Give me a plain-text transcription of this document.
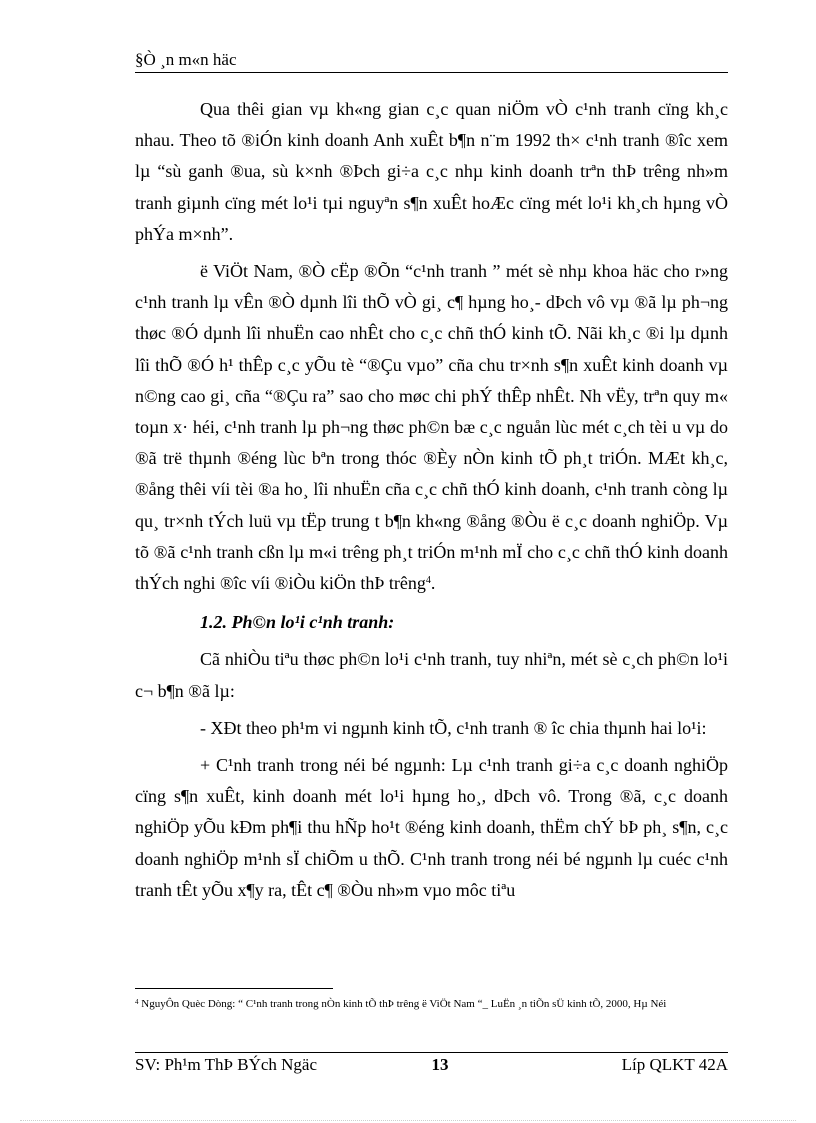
§Ò ¸n m«n häc

Qua thêi gian vµ kh«ng gian c¸c quan niÖm vÒ c¹nh tranh cïng kh¸c nhau. Theo tõ ®iÓn kinh doanh Anh xuÊt b¶n n¨m 1992 th× c¹nh tranh ®îc xem lµ “sù ganh ®ua, sù k×nh ®Þch gi÷a c¸c nhµ kinh doanh trªn thÞ trêng nh»m tranh giµnh cïng mét lo¹i tµi nguyªn s¶n xuÊt hoÆc cïng mét lo¹i kh¸ch hµng vÒ phÝa m×nh”.

ë ViÖt Nam, ®Ò cËp ®Õn “c¹nh tranh ” mét sè nhµ khoa häc cho r»ng c¹nh tranh lµ vÊn ®Ò dµnh lîi thÕ vÒ gi¸ c¶ hµng ho¸- dÞch vô vµ ®ã lµ ph¬ng thøc ®Ó dµnh lîi nhuËn cao nhÊt cho c¸c chñ thÓ kinh tÕ. Nãi kh¸c ®i lµ dµnh lîi thÕ ®Ó h¹ thÊp c¸c yÕu tè “®Çu vµo” cña chu tr×nh s¶n xuÊt kinh doanh vµ n©ng cao gi¸ cña “®Çu ra” sao cho møc chi phÝ thÊp nhÊt. Nh vËy, trªn quy m« toµn x· héi, c¹nh tranh lµ ph¬ng thøc ph©n bæ c¸c nguån lùc mét c¸ch tèi u vµ do ®ã trë thµnh ®éng lùc bªn trong thóc ®Èy nÒn kinh tÕ ph¸t triÓn. MÆt kh¸c, ®ång thêi víi tèi ®a ho¸ lîi nhuËn cña c¸c chñ thÓ kinh doanh, c¹nh tranh còng lµ qu¸ tr×nh tÝch luü vµ tËp trung t b¶n kh«ng ®ång ®Òu ë c¸c doanh nghiÖp. Vµ tõ ®ã c¹nh tranh cßn lµ m«i trêng ph¸t triÓn m¹nh mÏ cho c¸c chñ thÓ kinh doanh thÝch nghi ®îc víi ®iÒu kiÖn thÞ trêng$^4$.

1.2. Ph©n lo¹i c¹nh tranh:

Cã nhiÒu tiªu thøc ph©n lo¹i c¹nh tranh, tuy nhiªn, mét sè c¸ch ph©n lo¹i c¬ b¶n ®ã lµ:

- XÐt theo ph¹m vi ngµnh kinh tÕ, c¹nh tranh ® îc chia thµnh hai lo¹i:

+ C¹nh tranh trong néi bé ngµnh: Lµ c¹nh tranh gi÷a c¸c doanh nghiÖp cïng s¶n xuÊt, kinh doanh mét lo¹i hµng ho¸, dÞch vô. Trong ®ã, c¸c doanh nghiÖp yÕu kÐm ph¶i thu hÑp ho¹t ®éng kinh doanh, thËm chÝ bÞ ph¸ s¶n, c¸c doanh nghiÖp m¹nh sÏ chiÕm u thÕ. C¹nh tranh trong néi bé ngµnh lµ cuéc c¹nh tranh tÊt yÕu x¶y ra, tÊt c¶ ®Òu nh»m vµo môc tiªu

$^4$ NguyÔn Quèc Dòng: “ C¹nh tranh trong nÒn kinh tÕ thÞ trêng ë ViÖt Nam “_ LuËn ¸n tiÕn sÜ kinh tÕ, 2000, Hµ Néi
SV: Ph¹m ThÞ BÝch Ngäc	13	Líp QLKT 42A
